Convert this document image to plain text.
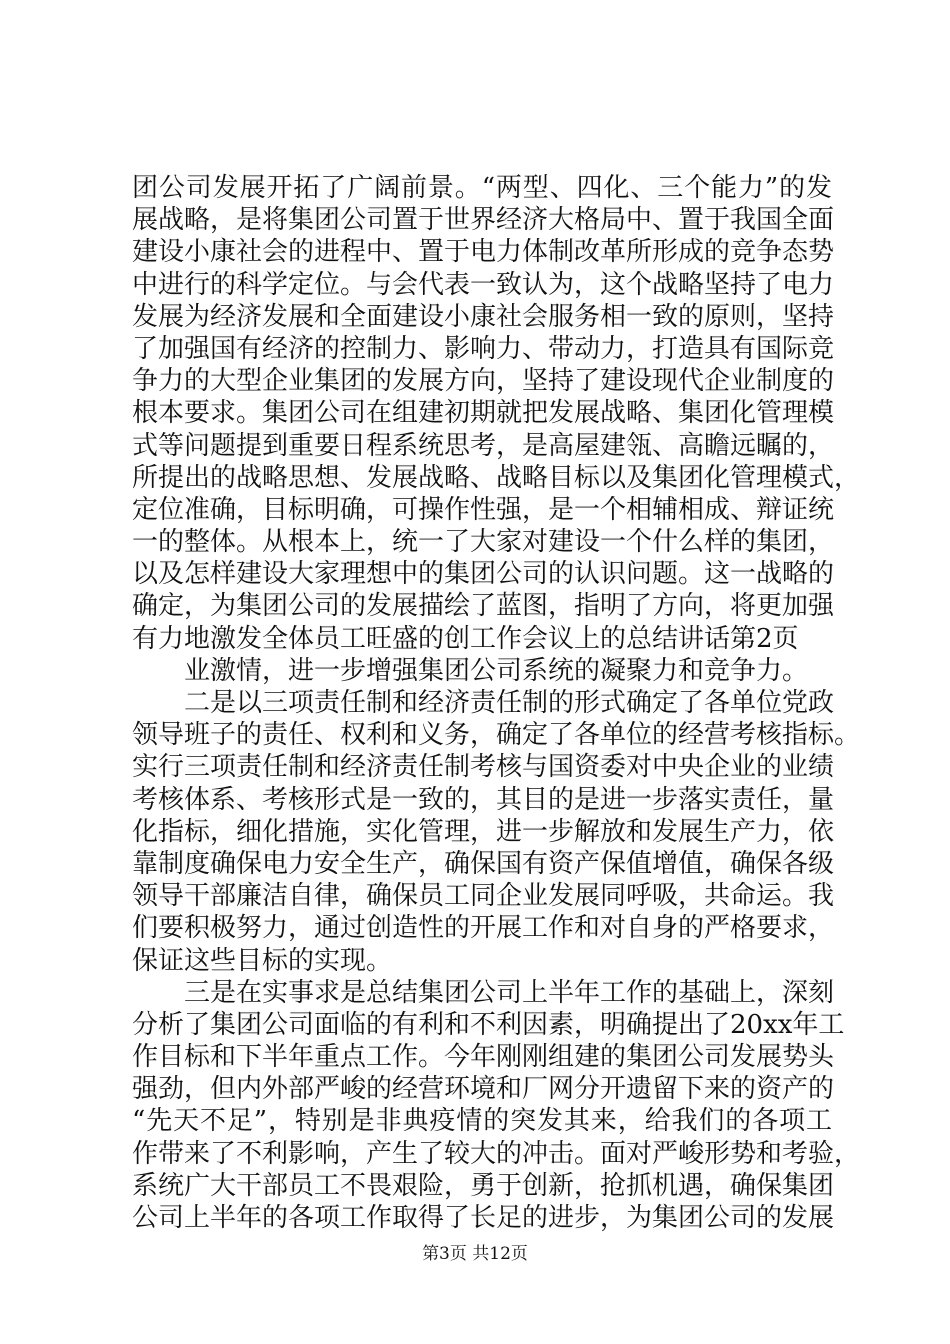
团公司发展开拓了广阔前景。“两型、四化、三个能力”的发
展战略，是将集团公司置于世界经济大格局中、置于我国全面
建设小康社会的进程中、置于电力体制改革所形成的竞争态势
中进行的科学定位。与会代表一致认为，这个战略坚持了电力
发展为经济发展和全面建设小康社会服务相一致的原则，坚持
了加强国有经济的控制力、影响力、带动力，打造具有国际竞
争力的大型企业集团的发展方向，坚持了建设现代企业制度的
根本要求。集团公司在组建初期就把发展战略、集团化管理模
式等问题提到重要日程系统思考，是高屋建瓴、高瞻远瞩的，
所提出的战略思想、发展战略、战略目标以及集团化管理模式，
定位准确，目标明确，可操作性强，是一个相辅相成、辩证统
一的整体。从根本上，统一了大家对建设一个什么样的集团，
以及怎样建设大家理想中的集团公司的认识问题。这一战略的
确定，为集团公司的发展描绘了蓝图，指明了方向，将更加强
有力地激发全体员工旺盛的创工作会议上的总结讲话第2页
业激情，进一步增强集团公司系统的凝聚力和竞争力。
二是以三项责任制和经济责任制的形式确定了各单位党政
领导班子的责任、权利和义务，确定了各单位的经营考核指标。
实行三项责任制和经济责任制考核与国资委对中央企业的业绩
考核体系、考核形式是一致的，其目的是进一步落实责任，量
化指标，细化措施，实化管理，进一步解放和发展生产力，依
靠制度确保电力安全生产，确保国有资产保值增值，确保各级
领导干部廉洁自律，确保员工同企业发展同呼吸，共命运。我
们要积极努力，通过创造性的开展工作和对自身的严格要求，
保证这些目标的实现。
三是在实事求是总结集团公司上半年工作的基础上，深刻
分析了集团公司面临的有利和不利因素，明确提出了20xx年工
作目标和下半年重点工作。今年刚刚组建的集团公司发展势头
强劲，但内外部严峻的经营环境和厂网分开遗留下来的资产的
“先天不足”，特别是非典疫情的突发其来，给我们的各项工
作带来了不利影响，产生了较大的冲击。面对严峻形势和考验，
系统广大干部员工不畏艰险，勇于创新，抢抓机遇，确保集团
公司上半年的各项工作取得了长足的进步，为集团公司的发展
第3页 共12页
